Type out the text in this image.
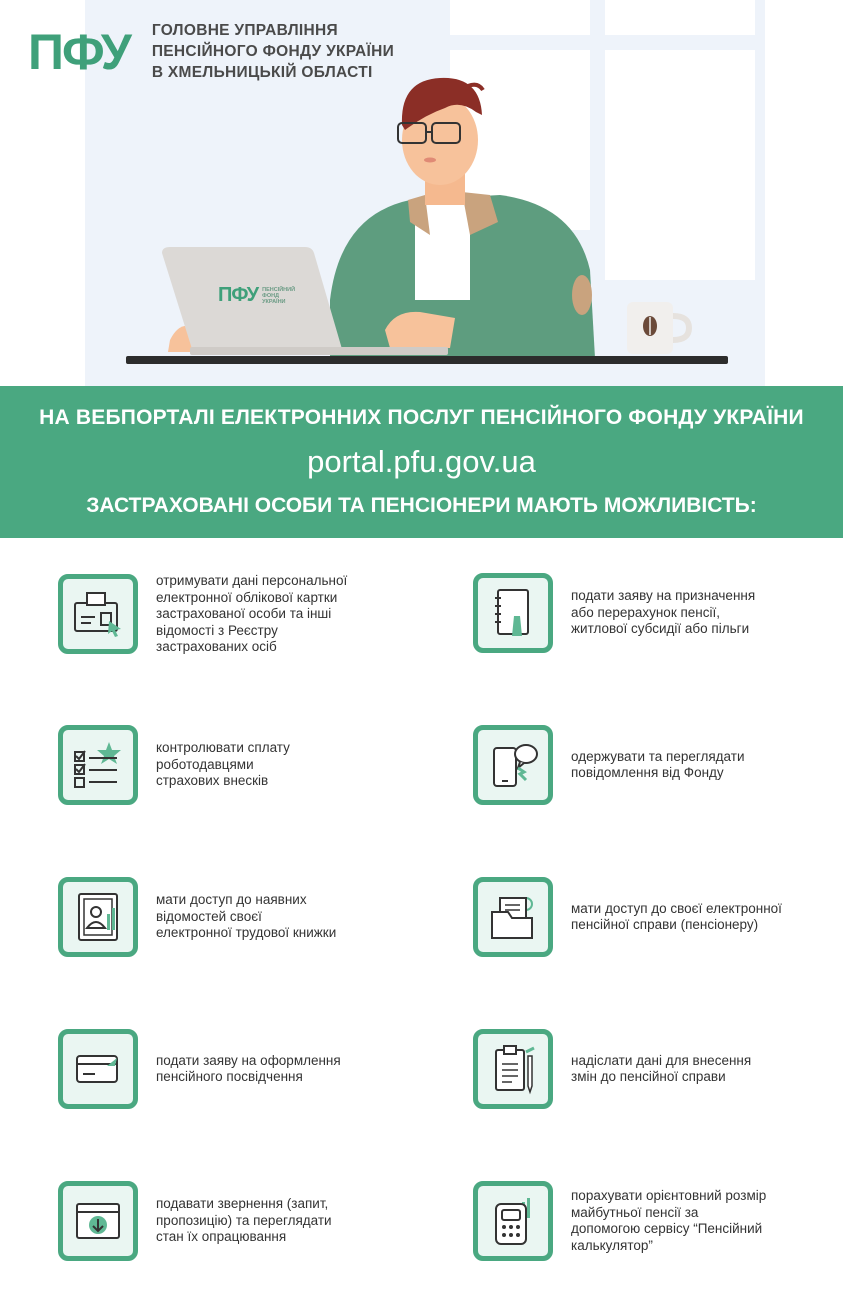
ПФУ ГОЛОВНЕ УПРАВЛІННЯ
ПЕНСІЙНОГО ФОНДУ УКРАЇНИ
В ХМЕЛЬНИЦЬКІЙ ОБЛАСТІ
ПФУ ПЕНСІЙНИЙ
ФОНД
УКРАЇНИ
НА ВЕБПОРТАЛІ ЕЛЕКТРОННИХ ПОСЛУГ ПЕНСІЙНОГО ФОНДУ УКРАЇНИ
portal.pfu.gov.ua
ЗАСТРАХОВАНІ ОСОБИ ТА ПЕНСІОНЕРИ МАЮТЬ МОЖЛИВІСТЬ:
отримувати дані персональної
електронної облікової картки
застрахованої особи та інші
відомості з Реєстру
застрахованих осіб
подати заяву на призначення
або перерахунок пенсії,
житлової субсидії або пільги
контролювати сплату
роботодавцями
страхових внесків
одержувати та переглядати
повідомлення від Фонду
мати доступ до наявних
відомостей своєї
електронної трудової книжки
мати доступ до своєї електронної
пенсійної справи (пенсіонеру)
подати заяву на оформлення
пенсійного посвідчення
надіслати дані для внесення
змін до пенсійної справи
подавати звернення (запит,
пропозицію) та переглядати
стан їх опрацювання
порахувати орієнтовний розмір
майбутньої пенсії за
допомогою сервісу “Пенсійний
калькулятор”
